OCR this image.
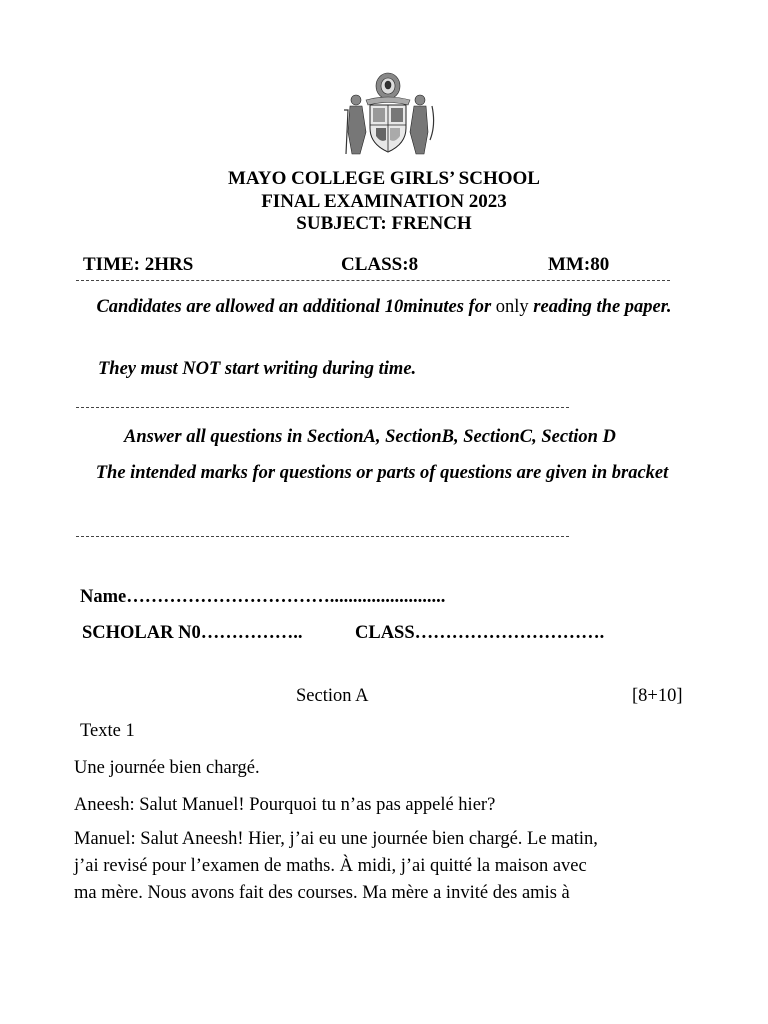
MAYO COLLEGE GIRLS’ SCHOOL
FINAL EXAMINATION 2023
SUBJECT: FRENCH
TIME: 2HRS	CLASS:8	MM:80
Candidates are allowed an additional 10minutes for only reading the paper.
They must NOT start writing during time.
Answer all questions in SectionA, SectionB, SectionC, Section D
The intended marks for questions or parts of questions are given in bracket
Name…………………………….........................
SCHOLAR N0……………..	CLASS………………………….
Section A	[8+10]
Texte 1
Une journée bien chargé.
Aneesh: Salut Manuel! Pourquoi tu n’as pas appelé hier?
Manuel: Salut Aneesh! Hier, j’ai eu une journée bien chargé. Le matin,
j’ai revisé pour l’examen de maths. À midi, j’ai quitté la maison avec
ma mère. Nous avons fait des courses. Ma mère a invité des amis à
